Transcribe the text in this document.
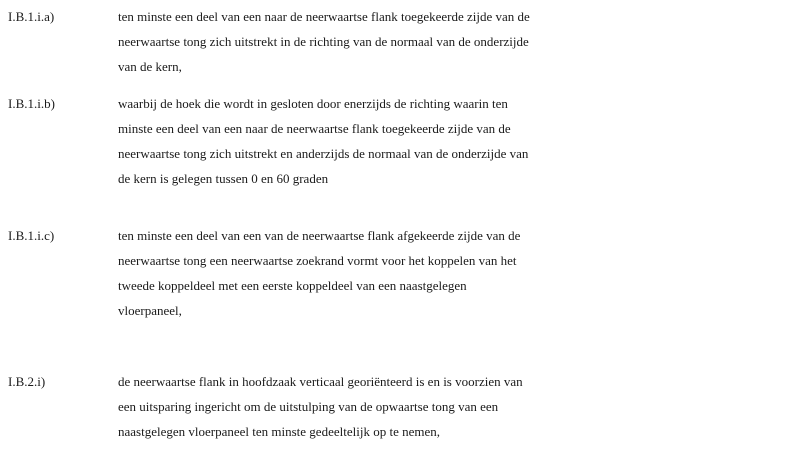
I.B.1.i.a)	ten minste een deel van een naar de neerwaartse flank toegekeerde zijde van de
neerwaartse tong zich uitstrekt in de richting van de normaal van de onderzijde
van de kern,
I.B.1.i.b)	waarbij de hoek die wordt in gesloten door enerzijds de richting waarin ten
minste een deel van een naar de neerwaartse flank toegekeerde zijde van de
neerwaartse tong zich uitstrekt en anderzijds de normaal van de onderzijde van
de kern is gelegen tussen 0 en 60 graden
I.B.1.i.c)	ten minste een deel van een van de neerwaartse flank afgekeerde zijde van de
neerwaartse tong een neerwaartse zoekrand vormt voor het koppelen van het
tweede koppeldeel met een eerste koppeldeel van een naastgelegen
vloerpaneel,
I.B.2.i)	de neerwaartse flank in hoofdzaak verticaal georiënteerd is en is voorzien van
een uitsparing ingericht om de uitstulping van de opwaartse tong van een
naastgelegen vloerpaneel ten minste gedeeltelijk op te nemen,
